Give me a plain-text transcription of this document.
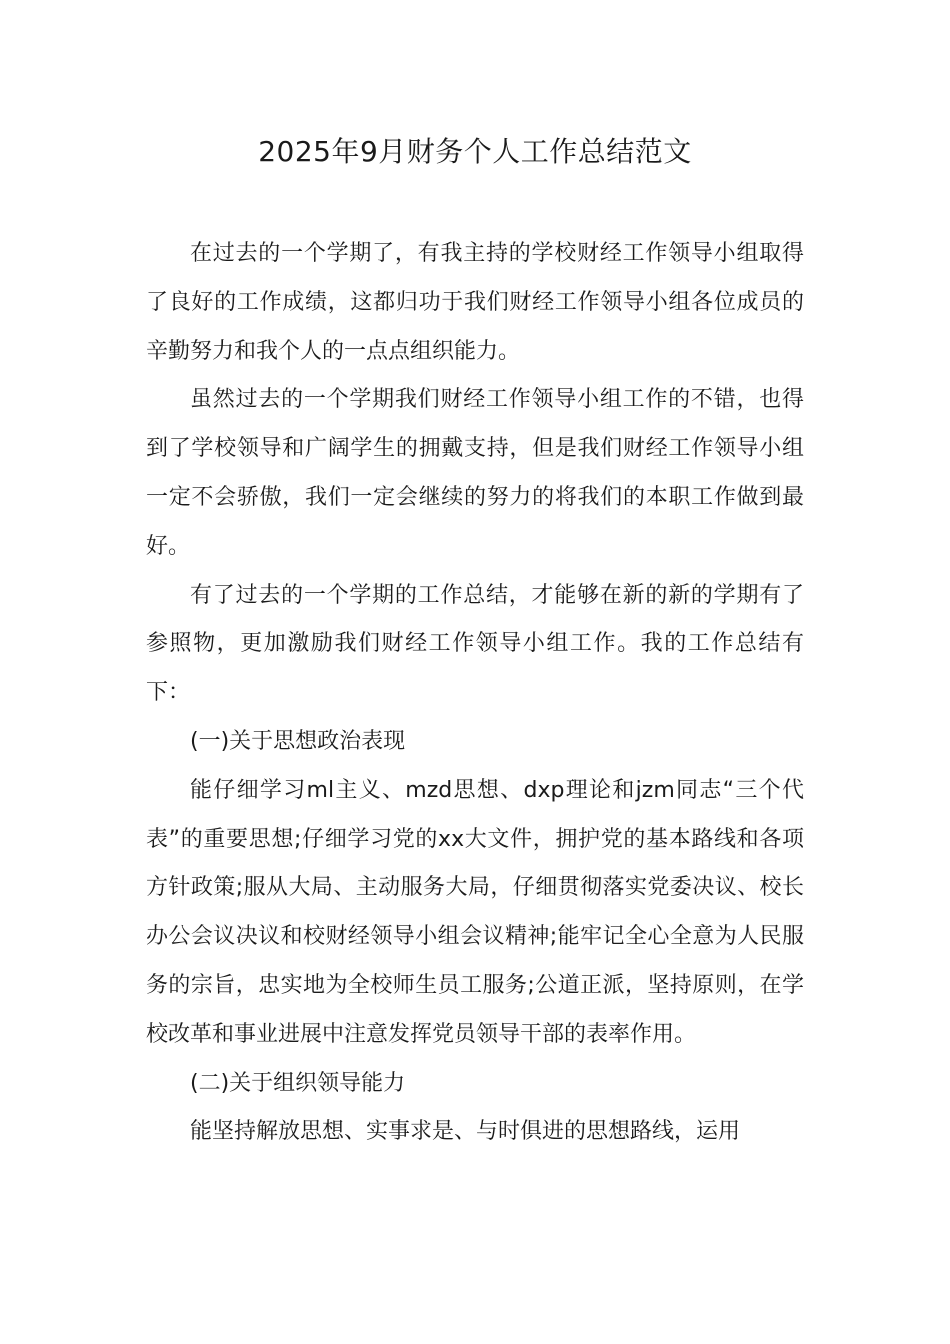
2025年9月财务个人工作总结范文

在过去的一个学期了，有我主持的学校财经工作领导小组取得了良好的工作成绩，这都归功于我们财经工作领导小组各位成员的辛勤努力和我个人的一点点组织能力。

虽然过去的一个学期我们财经工作领导小组工作的不错，也得到了学校领导和广阔学生的拥戴支持，但是我们财经工作领导小组一定不会骄傲，我们一定会继续的努力的将我们的本职工作做到最好。

有了过去的一个学期的工作总结，才能够在新的新的学期有了参照物，更加激励我们财经工作领导小组工作。我的工作总结有下：

(一)关于思想政治表现

能仔细学习ml主义、mzd思想、dxp理论和jzm同志“三个代表”的重要思想;仔细学习党的xx大文件，拥护党的基本路线和各项方针政策;服从大局、主动服务大局，仔细贯彻落实党委决议、校长办公会议决议和校财经领导小组会议精神;能牢记全心全意为人民服务的宗旨，忠实地为全校师生员工服务;公道正派，坚持原则，在学校改革和事业进展中注意发挥党员领导干部的表率作用。

(二)关于组织领导能力

能坚持解放思想、实事求是、与时俱进的思想路线，运用
